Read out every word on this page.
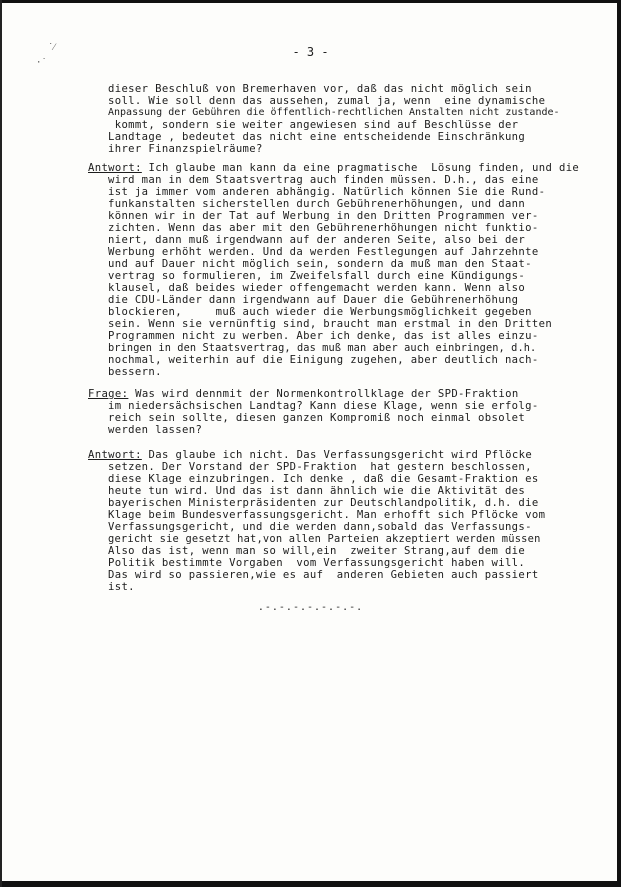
˙⁄
·˙
- 3 -
dieser Beschluß von Bremerhaven vor, daß das nicht möglich sein
soll. Wie soll denn das aussehen, zumal ja, wenn  eine dynamische
Anpassung der Gebühren die öffentlich-rechtlichen Anstalten nicht zustande-
kommt, sondern sie weiter angewiesen sind auf Beschlüsse der
Landtage , bedeutet das nicht eine entscheidende Einschränkung
ihrer Finanzspielräume?
Antwort: Ich glaube man kann da eine pragmatische  Lösung finden, und die
wird man in dem Staatsvertrag auch finden müssen. D.h., das eine
ist ja immer vom anderen abhängig. Natürlich können Sie die Rund-
funkanstalten sicherstellen durch Gebührenerhöhungen, und dann
können wir in der Tat auf Werbung in den Dritten Programmen ver-
zichten. Wenn das aber mit den Gebührenerhöhungen nicht funktio-
niert, dann muß irgendwann auf der anderen Seite, also bei der
Werbung erhöht werden. Und da werden Festlegungen auf Jahrzehnte
und auf Dauer nicht möglich sein, sondern da muß man den Staat-
vertrag so formulieren, im Zweifelsfall durch eine Kündigungs-
klausel, daß beides wieder offengemacht werden kann. Wenn also
die CDU-Länder dann irgendwann auf Dauer die Gebührenerhöhung
blockieren,     muß auch wieder die Werbungsmöglichkeit gegeben
sein. Wenn sie vernünftig sind, braucht man erstmal in den Dritten
Programmen nicht zu werben. Aber ich denke, das ist alles einzu-
bringen in den Staatsvertrag, das muß man aber auch einbringen, d.h.
nochmal, weiterhin auf die Einigung zugehen, aber deutlich nach-
bessern.
Frage: Was wird dennmit der Normenkontrollklage der SPD-Fraktion
im niedersächsischen Landtag? Kann diese Klage, wenn sie erfolg-
reich sein sollte, diesen ganzen Kompromiß noch einmal obsolet
werden lassen?
Antwort: Das glaube ich nicht. Das Verfassungsgericht wird Pflöcke
setzen. Der Vorstand der SPD-Fraktion  hat gestern beschlossen,
diese Klage einzubringen. Ich denke , daß die Gesamt-Fraktion es
heute tun wird. Und das ist dann ähnlich wie die Aktivität des
bayerischen Ministerpräsidenten zur Deutschlandpolitik, d.h. die
Klage beim Bundesverfassungsgericht. Man erhofft sich Pflöcke vom
Verfassungsgericht, und die werden dann,sobald das Verfassungs-
gericht sie gesetzt hat,von allen Parteien akzeptiert werden müssen
Also das ist, wenn man so will,ein  zweiter Strang,auf dem die
Politik bestimmte Vorgaben  vom Verfassungsgericht haben will.
Das wird so passieren,wie es auf  anderen Gebieten auch passiert
ist.
.-.-.-.-.-.-.-.
